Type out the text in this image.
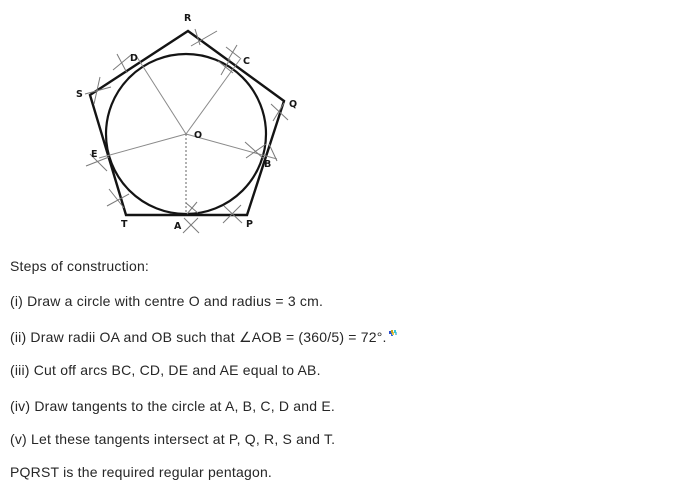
R
Q
P
T
S
A
B
C
D
E
O
Steps of construction:
(i) Draw a circle with centre O and radius = 3 cm.
(ii) Draw radii OA and OB such that ∠AOB = (360/5) = 72°.
(iii) Cut off arcs BC, CD, DE and AE equal to AB.
(iv) Draw tangents to the circle at A, B, C, D and E.
(v) Let these tangents intersect at P, Q, R, S and T.
PQRST is the required regular pentagon.
